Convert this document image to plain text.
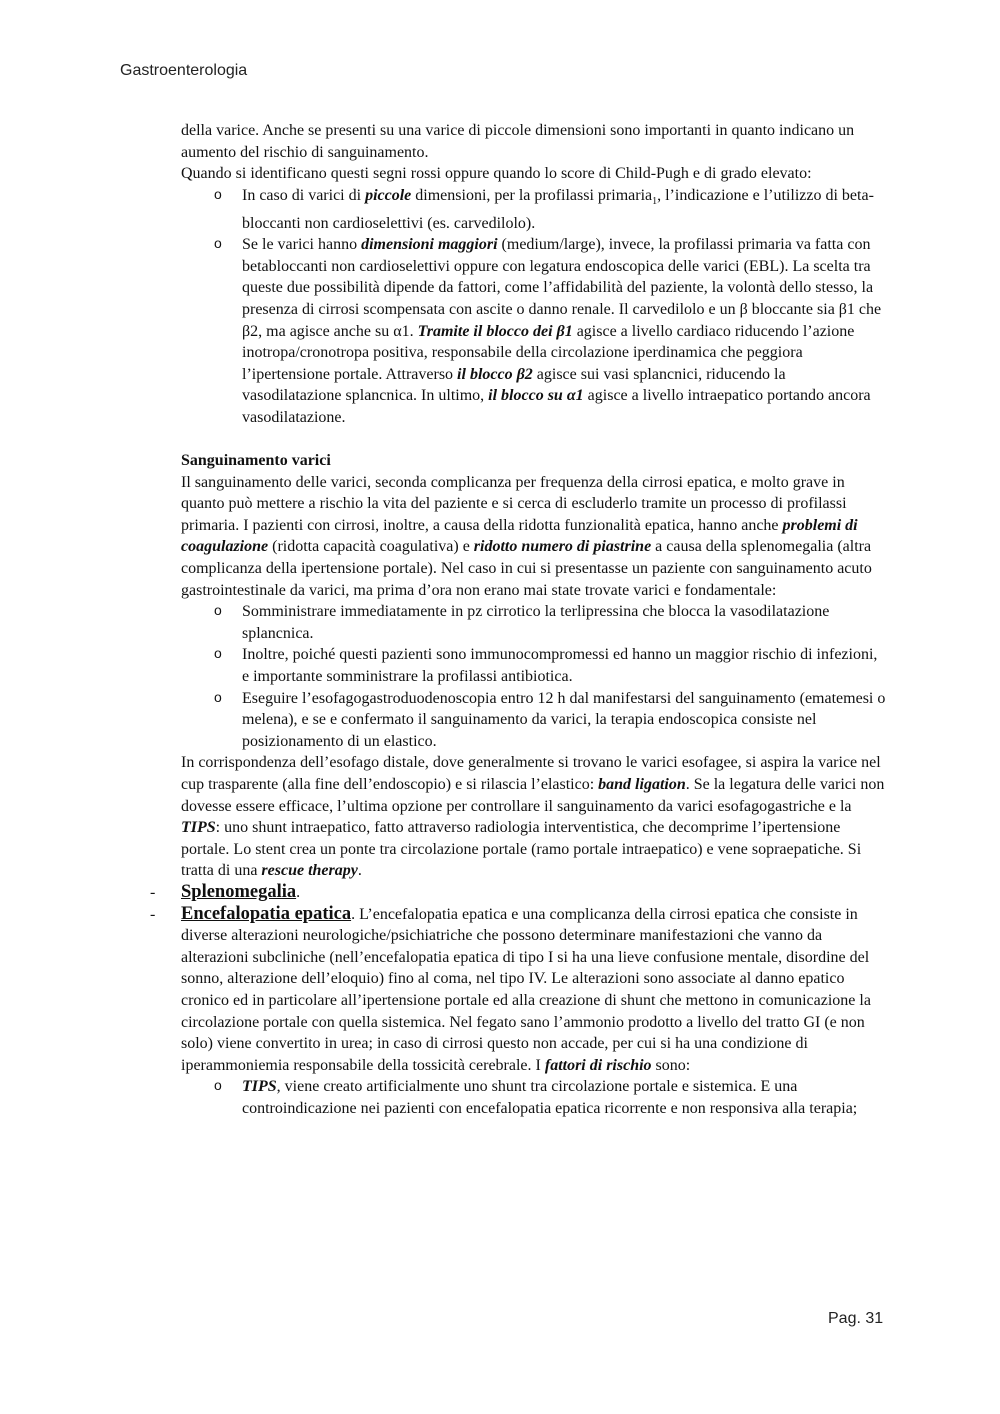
Gastroenterologia

della varice. Anche se presenti su una varice di piccole dimensioni sono importanti in quanto indicano un aumento del rischio di sanguinamento.
Quando si identificano questi segni rossi oppure quando lo score di Child-Pugh e di grado elevato:

o In caso di varici di piccole dimensioni, per la profilassi primaria$_1$, l’indicazione e l’utilizzo di beta-bloccanti non cardioselettivi (es. carvedilolo).
o Se le varici hanno dimensioni maggiori (medium/large), invece, la profilassi primaria va fatta con betabloccanti non cardioselettivi oppure con legatura endoscopica delle varici (EBL). La scelta tra queste due possibilità dipende da fattori, come l’affidabilità del paziente, la volontà dello stesso, la presenza di cirrosi scompensata con ascite o danno renale. Il carvedilolo e un β bloccante sia β1 che β2, ma agisce anche su α1. Tramite il blocco dei β1 agisce a livello cardiaco riducendo l’azione inotropa/cronotropa positiva, responsabile della circolazione iperdinamica che peggiora l’ipertensione portale. Attraverso il blocco β2 agisce sui vasi splancnici, riducendo la vasodilatazione splancnica. In ultimo, il blocco su α1 agisce a livello intraepatico portando ancora vasodilatazione.

Sanguinamento varici

Il sanguinamento delle varici, seconda complicanza per frequenza della cirrosi epatica, e molto grave in quanto può mettere a rischio la vita del paziente e si cerca di escluderlo tramite un processo di profilassi primaria. I pazienti con cirrosi, inoltre, a causa della ridotta funzionalità epatica, hanno anche problemi di coagulazione (ridotta capacità coagulativa) e ridotto numero di piastrine a causa della splenomegalia (altra complicanza della ipertensione portale). Nel caso in cui si presentasse un paziente con sanguinamento acuto gastrointestinale da varici, ma prima d’ora non erano mai state trovate varici e fondamentale:

o Somministrare immediatamente in pz cirrotico la terlipressina che blocca la vasodilatazione splancnica.
o Inoltre, poiché questi pazienti sono immunocompromessi ed hanno un maggior rischio di infezioni, e importante somministrare la profilassi antibiotica.
o Eseguire l’esofagogastroduodenoscopia entro 12 h dal manifestarsi del sanguinamento (ematemesi o melena), e se e confermato il sanguinamento da varici, la terapia endoscopica consiste nel posizionamento di un elastico.

In corrispondenza dell’esofago distale, dove generalmente si trovano le varici esofagee, si aspira la varice nel cup trasparente (alla fine dell’endoscopio) e si rilascia l’elastico: band ligation. Se la legatura delle varici non dovesse essere efficace, l’ultima opzione per controllare il sanguinamento da varici esofagogastriche e la TIPS: uno shunt intraepatico, fatto attraverso radiologia interventistica, che decomprime l’ipertensione portale. Lo stent crea un ponte tra circolazione portale (ramo portale intraepatico) e vene sopraepatiche. Si tratta di una rescue therapy.

- Splenomegalia.
- Encefalopatia epatica. L’encefalopatia epatica e una complicanza della cirrosi epatica che consiste in diverse alterazioni neurologiche/psichiatriche che possono determinare manifestazioni che vanno da alterazioni subcliniche (nell’encefalopatia epatica di tipo I si ha una lieve confusione mentale, disordine del sonno, alterazione dell’eloquio) fino al coma, nel tipo IV. Le alterazioni sono associate al danno epatico cronico ed in particolare all’ipertensione portale ed alla creazione di shunt che mettono in comunicazione la circolazione portale con quella sistemica. Nel fegato sano l’ammonio prodotto a livello del tratto GI (e non solo) viene convertito in urea; in caso di cirrosi questo non accade, per cui si ha una condizione di iperammoniemia responsabile della tossicità cerebrale. I fattori di rischio sono:
o TIPS, viene creato artificialmente uno shunt tra circolazione portale e sistemica. E una controindicazione nei pazienti con encefalopatia epatica ricorrente e non responsiva alla terapia;
Pag. 31
